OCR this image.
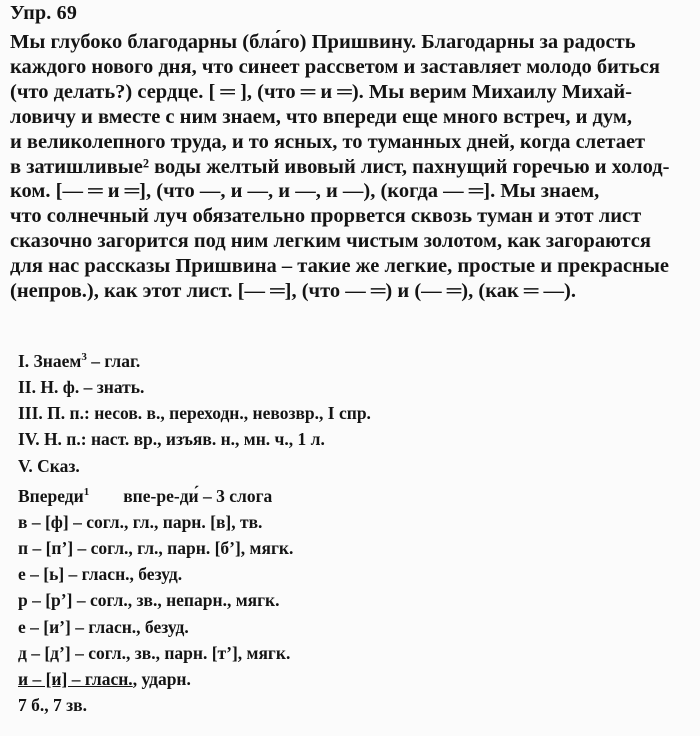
Упр. 69
Мы глубоко благодарны (бла́го) Пришвину. Благодарны за радость
каждого нового дня, что синеет рассветом и заставляет молодо биться
(что делать?) сердце. [ ═ ], (что ═ и ═). Мы верим Михаилу Михай-
ловичу и вместе с ним знаем, что впереди еще много встреч, и дум,
и великолепного труда, и то ясных, то туманных дней, когда слетает
в затишливые² воды желтый ивовый лист, пахнущий горечью и холод-
ком. [— ═ и ═], (что —, и —, и —, и —), (когда — ═]. Мы знаем,
что солнечный луч обязательно прорвется сквозь туман и этот лист
сказочно загорится под ним легким чистым золотом, как загораются
для нас рассказы Пришвина – такие же легкие, простые и прекрасные
(непров.), как этот лист. [— ═], (что — ═) и (— ═), (как ═ —).
I. Знаем$^3$ – глаг.
II. Н. ф. – знать.
III. П. п.: несов. в., переходн., невозвр., I спр.
IV. Н. п.: наст. вр., изъяв. н., мн. ч., 1 л.
V. Сказ.
Впереди$^1$ впе-ре-ди́ – 3 слога
в – [ф] – согл., гл., парн. [в], тв.
п – [п’] – согл., гл., парн. [б’], мягк.
е – [ь] – гласн., безуд.
р – [р’] – согл., зв., непарн., мягк.
е – [и’] – гласн., безуд.
д – [д’] – согл., зв., парн. [т’], мягк.
и – [и] – гласн., ударн.
7 б., 7 зв.
